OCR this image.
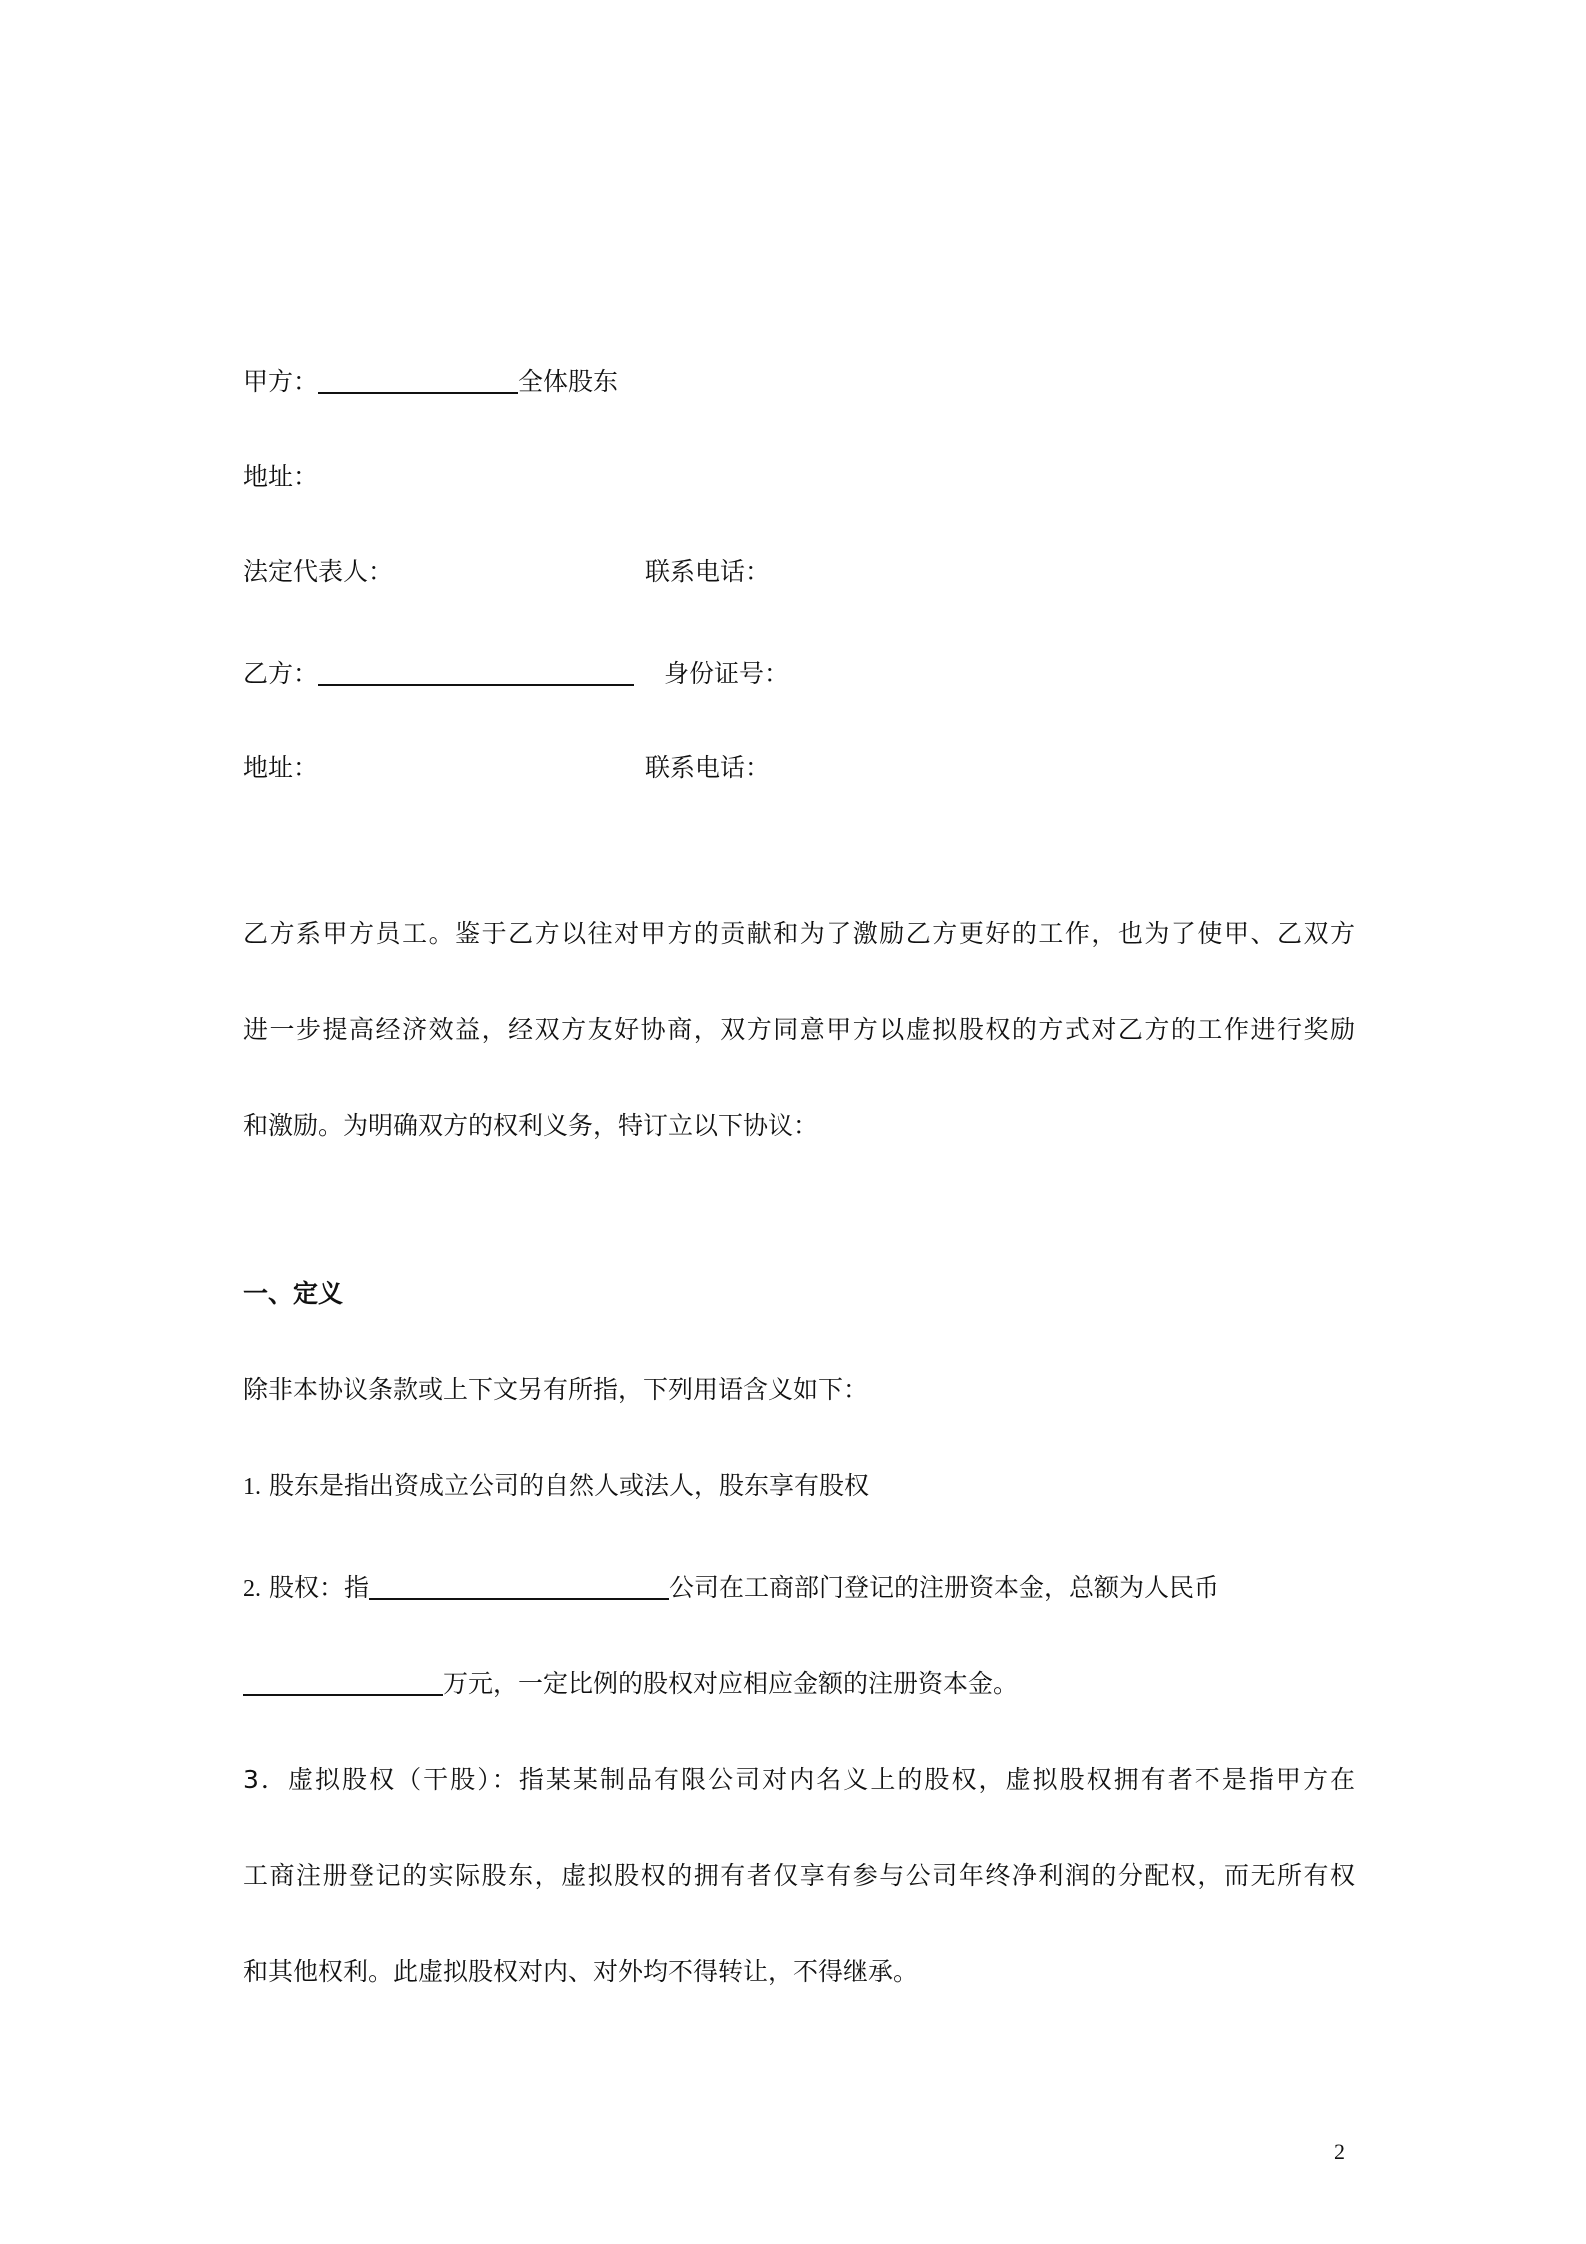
甲方：	全体股东
地址：
法定代表人：	联系电话：
乙方：	身份证号：
地址：	联系电话：
乙方系甲方员工。鉴于乙方以往对甲方的贡献和为了激励乙方更好的工作，也为了使甲、乙双方
进一步提高经济效益，经双方友好协商，双方同意甲方以虚拟股权的方式对乙方的工作进行奖励
和激励。为明确双方的权利义务，特订立以下协议：
一、定义
除非本协议条款或上下文另有所指，下列用语含义如下：
1. 股东是指出资成立公司的自然人或法人，股东享有股权
2. 股权：指	公司在工商部门登记的注册资本金，总额为人民币
万元，一定比例的股权对应相应金额的注册资本金。
3．虚拟股权（干股）：指某某制品有限公司对内名义上的股权，虚拟股权拥有者不是指甲方在
工商注册登记的实际股东，虚拟股权的拥有者仅享有参与公司年终净利润的分配权，而无所有权
和其他权利。此虚拟股权对内、对外均不得转让，不得继承。
2
